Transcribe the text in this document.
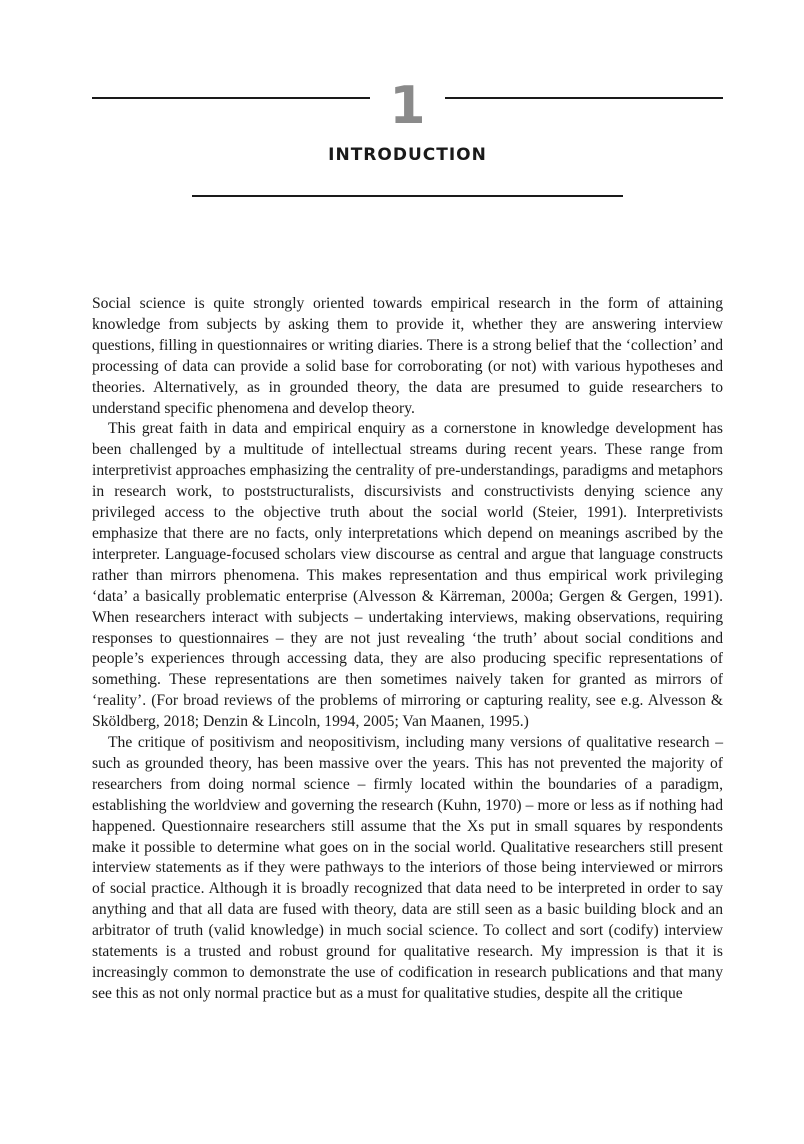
1
INTRODUCTION

Social science is quite strongly oriented towards empirical research in the form of attaining knowledge from subjects by asking them to provide it, whether they are answering interview questions, filling in questionnaires or writing diaries. There is a strong belief that the ‘collection’ and processing of data can provide a solid base for corroborating (or not) with various hypotheses and theories. Alternatively, as in grounded theory, the data are presumed to guide researchers to understand specific phenomena and develop theory.

This great faith in data and empirical enquiry as a cornerstone in knowledge development has been challenged by a multitude of intellectual streams during recent years. These range from interpretivist approaches emphasizing the centrality of pre-understandings, paradigms and metaphors in research work, to poststructuralists, discursivists and constructivists denying science any privileged access to the objective truth about the social world (Steier, 1991). Interpretivists emphasize that there are no facts, only interpretations which depend on meanings ascribed by the interpreter. Language-focused scholars view discourse as central and argue that language constructs rather than mirrors phenomena. This makes representation and thus empirical work privileging ‘data’ a basically problematic enterprise (Alvesson & Kärreman, 2000a; Gergen & Gergen, 1991). When researchers interact with subjects – undertaking interviews, making observations, requiring responses to questionnaires – they are not just revealing ‘the truth’ about social conditions and people’s experiences through accessing data, they are also producing specific representations of something. These representations are then sometimes naively taken for granted as mirrors of ‘reality’. (For broad reviews of the problems of mirroring or capturing reality, see e.g. Alvesson & Sköldberg, 2018; Denzin & Lincoln, 1994, 2005; Van Maanen, 1995.)

The critique of positivism and neopositivism, including many versions of qualitative research – such as grounded theory, has been massive over the years. This has not prevented the majority of researchers from doing normal science – firmly located within the boundaries of a paradigm, establishing the worldview and governing the research (Kuhn, 1970) – more or less as if nothing had happened. Questionnaire researchers still assume that the Xs put in small squares by respondents make it possible to determine what goes on in the social world. Qualitative researchers still present interview statements as if they were pathways to the interiors of those being interviewed or mirrors of social practice. Although it is broadly recognized that data need to be interpreted in order to say anything and that all data are fused with theory, data are still seen as a basic building block and an arbitrator of truth (valid knowledge) in much social science. To collect and sort (codify) interview statements is a trusted and robust ground for qualitative research. My impression is that it is increasingly common to demonstrate the use of codification in research publications and that many see this as not only normal practice but as a must for qualitative studies, despite all the critique
